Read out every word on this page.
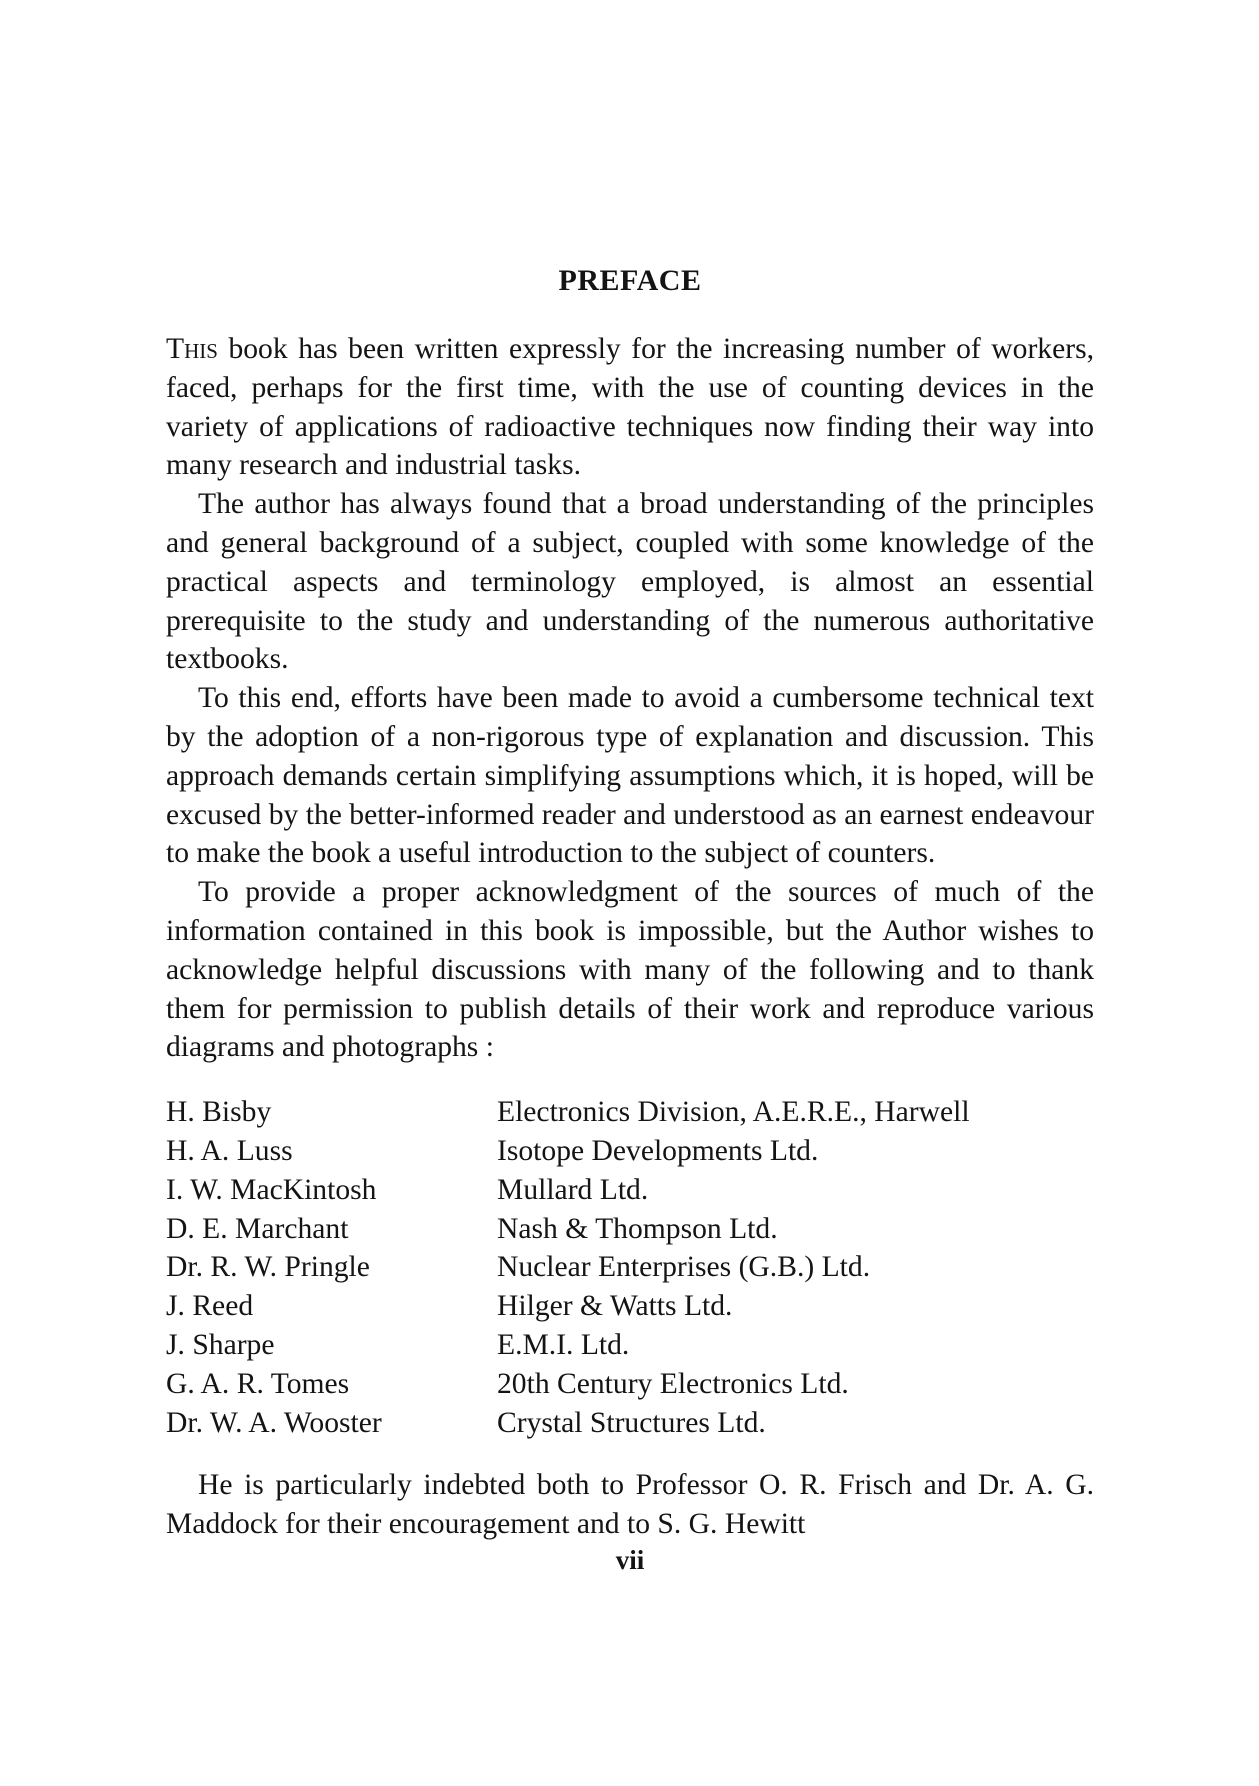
PREFACE

This book has been written expressly for the increasing number of workers, faced, perhaps for the first time, with the use of counting devices in the variety of applications of radioactive techniques now finding their way into many research and industrial tasks.

The author has always found that a broad understanding of the principles and general background of a subject, coupled with some knowledge of the practical aspects and terminology employed, is almost an essential prerequisite to the study and understanding of the numerous authoritative textbooks.

To this end, efforts have been made to avoid a cumbersome technical text by the adoption of a non-rigorous type of explanation and discussion. This approach demands certain simplifying assumptions which, it is hoped, will be excused by the better-informed reader and understood as an earnest endeavour to make the book a useful introduction to the subject of counters.

To provide a proper acknowledgment of the sources of much of the information contained in this book is impossible, but the Author wishes to acknowledge helpful discussions with many of the following and to thank them for permission to publish details of their work and reproduce various diagrams and photographs :

H. Bisby	Electronics Division, A.E.R.E., Harwell
H. A. Luss	Isotope Developments Ltd.
I. W. MacKintosh	Mullard Ltd.
D. E. Marchant	Nash & Thompson Ltd.
Dr. R. W. Pringle	Nuclear Enterprises (G.B.) Ltd.
J. Reed	Hilger & Watts Ltd.
J. Sharpe	E.M.I. Ltd.
G. A. R. Tomes	20th Century Electronics Ltd.
Dr. W. A. Wooster	Crystal Structures Ltd.

He is particularly indebted both to Professor O. R. Frisch and Dr. A. G. Maddock for their encouragement and to S. G. Hewitt

vii
